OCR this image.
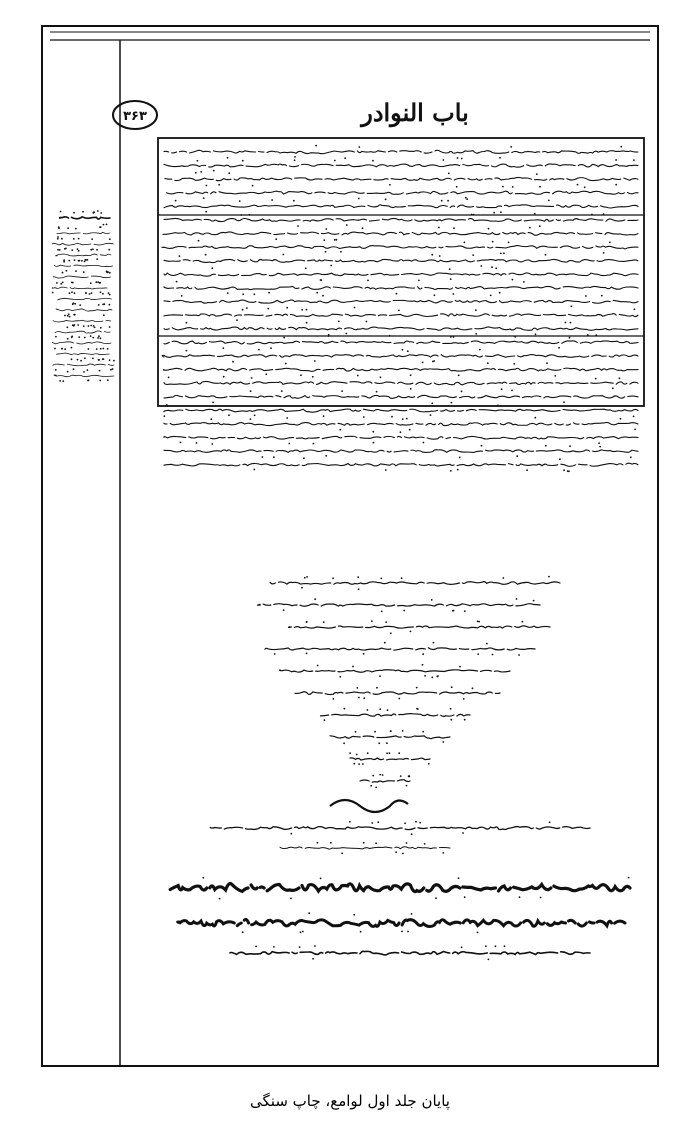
۳۶۳	باب النوادر
پایان جلد اول لوامع، چاپ سنگی
